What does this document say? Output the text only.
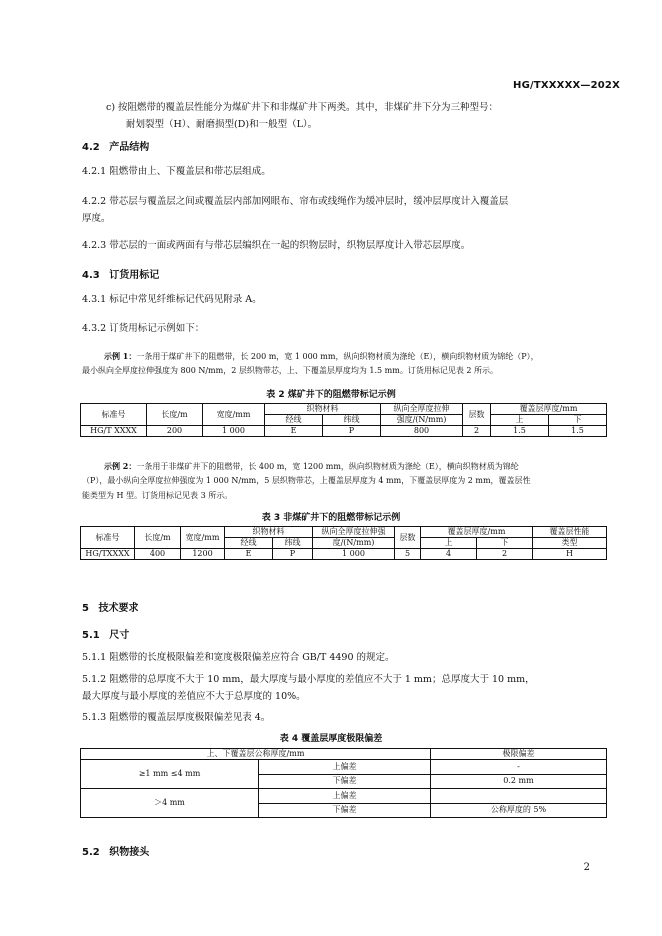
HG/TXXXXX—202X
c) 按阻燃带的覆盖层性能分为煤矿井下和非煤矿井下两类。其中，非煤矿井下分为三种型号：
耐划裂型（H）、耐磨损型(D)和一般型（L）。
4.2 产品结构
4.2.1 阻燃带由上、下覆盖层和带芯层组成。
4.2.2 带芯层与覆盖层之间或覆盖层内部加网眼布、帘布或线绳作为缓冲层时，缓冲层厚度计入覆盖层
厚度。
4.2.3 带芯层的一面或两面有与带芯层编织在一起的织物层时，织物层厚度计入带芯层厚度。
4.3 订货用标记
4.3.1 标记中常见纤维标记代码见附录 A。
4.3.2 订货用标记示例如下：
示例 1：一条用于煤矿井下的阻燃带，长 200 m，宽 1 000 mm，纵向织物材质为涤纶（E），横向织物材质为锦纶（P），
最小纵向全厚度拉伸强度为 800 N/mm，2 层织物带芯，上、下覆盖层厚度均为 1.5 mm。订货用标记见表 2 所示。
表 2 煤矿井下的阻燃带标记示例
标准号	长度/m	宽度/mm	织物材料		纵向全厚度拉伸	层数	覆盖层厚度/mm	
			经线	纬线	强度/(N/mm)		上	下
HG/T XXXX	200	1 000	E	P	800	2	1.5	1.5
示例 2：一条用于非煤矿井下的阻燃带，长 400 m，宽 1200 mm，纵向织物材质为涤纶（E），横向织物材质为锦纶
（P），最小纵向全厚度拉伸强度为 1 000 N/mm，5 层织物带芯，上覆盖层厚度为 4 mm，下覆盖层厚度为 2 mm，覆盖层性
能类型为 H 型。订货用标记见表 3 所示。
表 3 非煤矿井下的阻燃带标记示例
标准号	长度/m	宽度/mm	织物材料		纵向全厚度拉伸强	层数	覆盖层厚度/mm		覆盖层性能
			经线	纬线	度/(N/mm)		上	下	类型
HG/TXXXX	400	1200	E	P	1 000	5	4	2	H
5 技术要求
5.1 尺寸
5.1.1 阻燃带的长度极限偏差和宽度极限偏差应符合 GB/T 4490 的规定。
5.1.2 阻燃带的总厚度不大于 10 mm，最大厚度与最小厚度的差值应不大于 1 mm；总厚度大于 10 mm，
最大厚度与最小厚度的差值应不大于总厚度的 10%。
5.1.3 阻燃带的覆盖层厚度极限偏差见表 4。
表 4 覆盖层厚度极限偏差
上、下覆盖层公称厚度/mm		极限偏差
≥1 mm ≤4 mm	上偏差	-
	下偏差	0.2 mm
＞4 mm	上偏差	
	下偏差	公称厚度的 5%
5.2 织物接头
2
